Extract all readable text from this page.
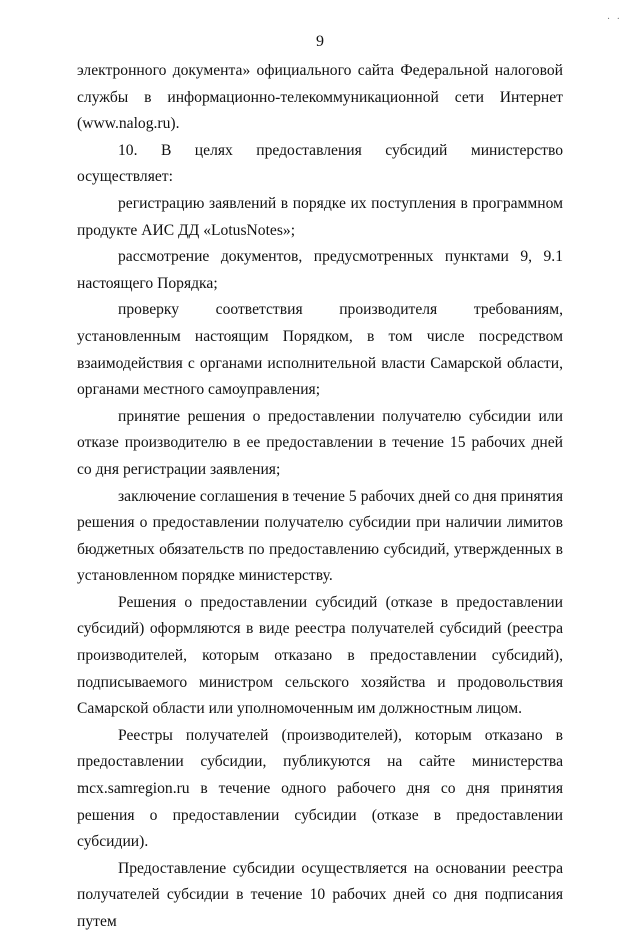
· ·
9

электронного документа» официального сайта Федеральной налоговой службы в информационно-телекоммуникационной сети Интернет (www.nalog.ru).

10. В целях предоставления субсидий министерство осуществляет:

регистрацию заявлений в порядке их поступления в программном продукте АИС ДД «LotusNotes»;

рассмотрение документов, предусмотренных пунктами 9, 9.1 настоящего Порядка;

проверку соответствия производителя требованиям, установленным настоящим Порядком, в том числе посредством взаимодействия с органами исполнительной власти Самарской области, органами местного самоуправления;

принятие решения о предоставлении получателю субсидии или отказе производителю в ее предоставлении в течение 15 рабочих дней со дня регистрации заявления;

заключение соглашения в течение 5 рабочих дней со дня принятия решения о предоставлении получателю субсидии при наличии лимитов бюджетных обязательств по предоставлению субсидий, утвержденных в установленном порядке министерству.

Решения о предоставлении субсидий (отказе в предоставлении субсидий) оформляются в виде реестра получателей субсидий (реестра производителей, которым отказано в предоставлении субсидий), подписываемого министром сельского хозяйства и продовольствия Самарской области или уполномоченным им должностным лицом.

Реестры получателей (производителей), которым отказано в предоставлении субсидии, публикуются на сайте министерства mcx.samregion.ru в течение одного рабочего дня со дня принятия решения о предоставлении субсидии (отказе в предоставлении субсидии).

Предоставление субсидии осуществляется на основании реестра получателей субсидии в течение 10 рабочих дней со дня подписания путем
